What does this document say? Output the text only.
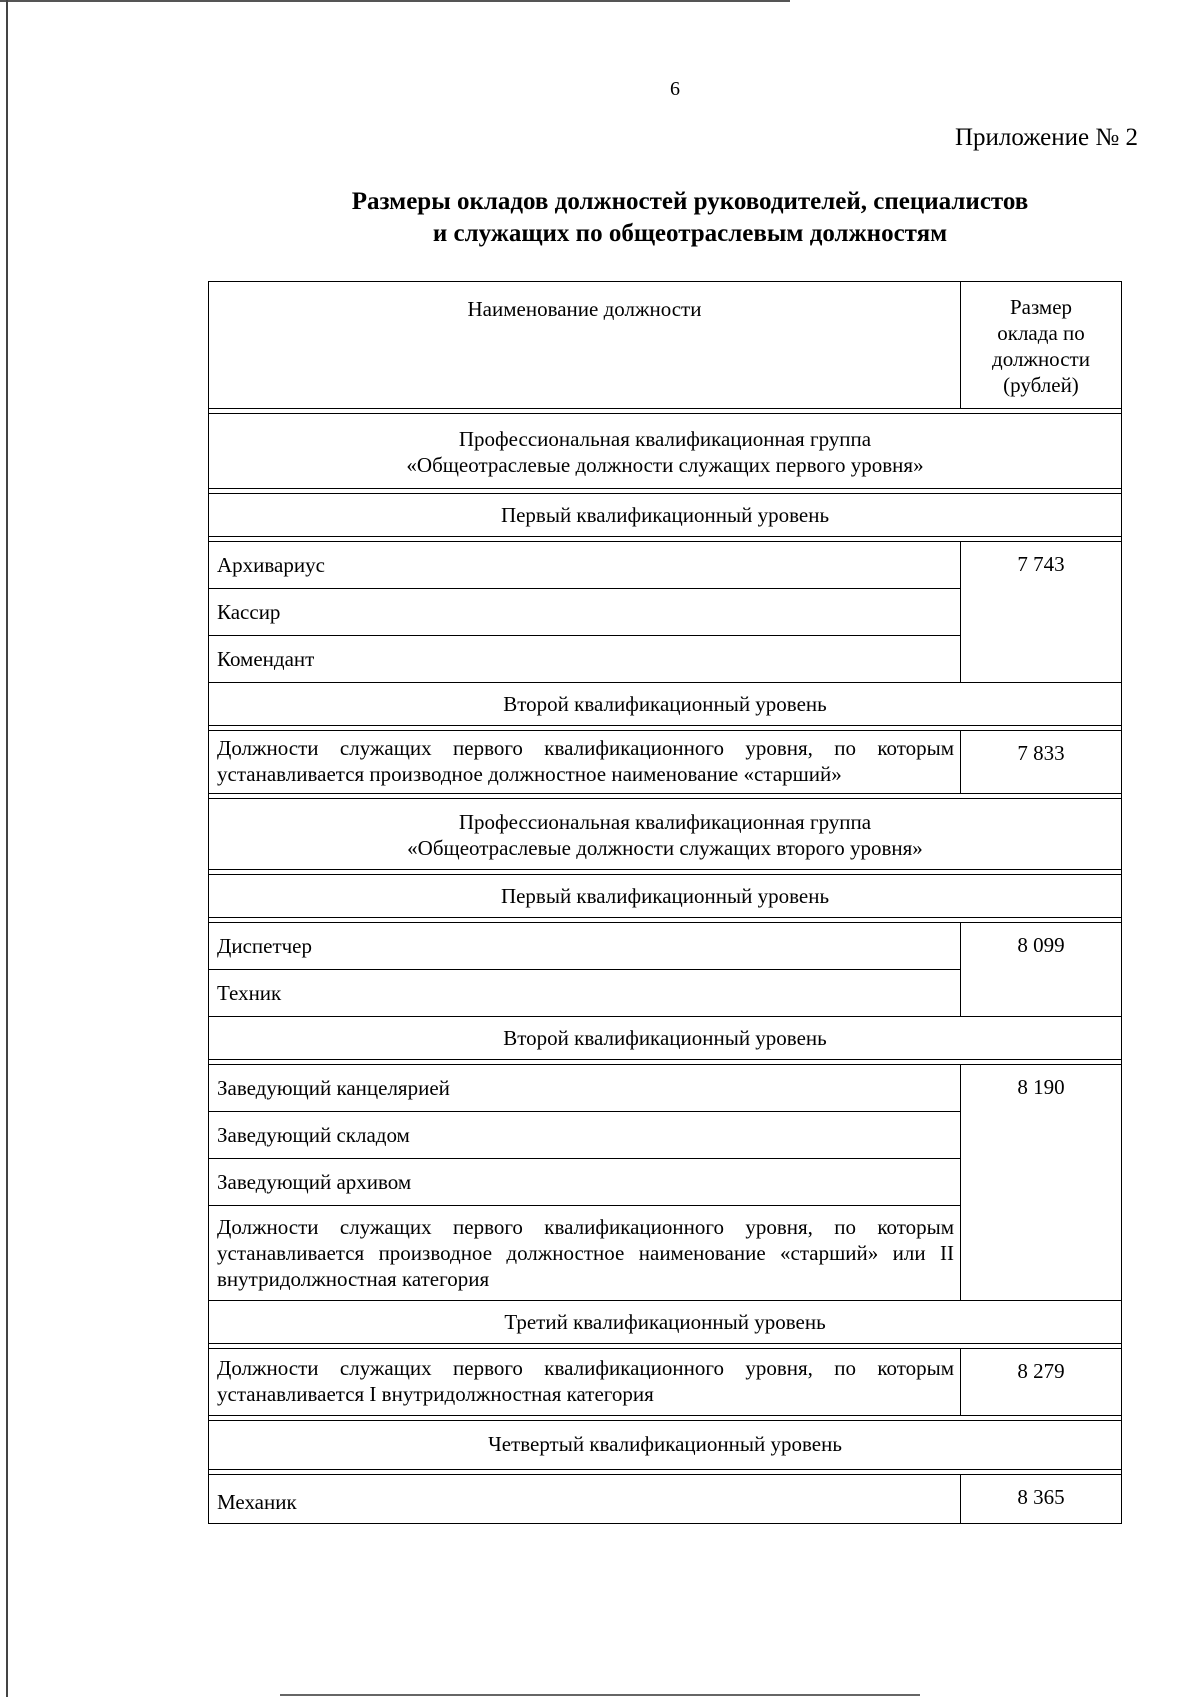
6
Приложение № 2
Размеры окладов должностей руководителей, специалистов
и служащих по общеотраслевым должностям
Наименование должности	Размер
оклада по
должности
(рублей)
Профессиональная квалификационная группа
«Общеотраслевые должности служащих первого уровня»
Первый квалификационный уровень
Архивариус
Кассир
Комендант
7 743
Второй квалификационный уровень
Должности служащих первого квалификационного уровня, по которым устанавливается производное должностное наименование «старший»
7 833
Профессиональная квалификационная группа
«Общеотраслевые должности служащих второго уровня»
Первый квалификационный уровень
Диспетчер
Техник
8 099
Второй квалификационный уровень
Заведующий канцелярией
Заведующий складом
Заведующий архивом
Должности служащих первого квалификационного уровня, по которым устанавливается производное должностное наименование «старший» или II внутридолжностная категория
8 190
Третий квалификационный уровень
Должности служащих первого квалификационного уровня, по которым устанавливается I внутридолжностная категория
8 279
Четвертый квалификационный уровень
Механик	8 365
